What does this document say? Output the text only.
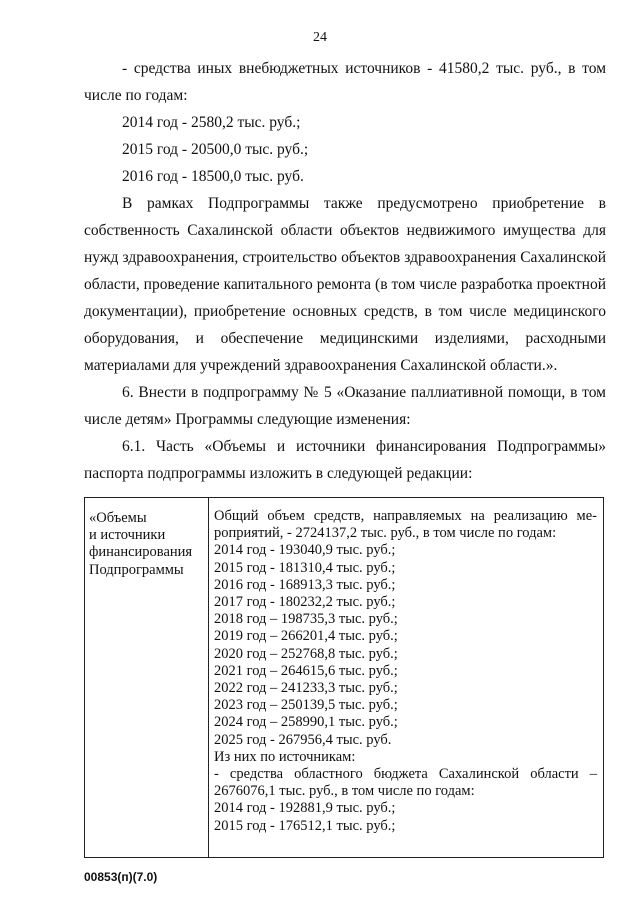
24

- средства иных внебюджетных источников - 41580,2 тыс. руб., в том числе по годам:

2014 год - 2580,2 тыс. руб.;

2015 год - 20500,0 тыс. руб.;

2016 год - 18500,0 тыс. руб.

В рамках Подпрограммы также предусмотрено приобретение в собственность Сахалинской области объектов недвижимого имущества для нужд здравоохранения, строительство объектов здравоохранения Сахалинской области, проведение капитального ремонта (в том числе разработка проектной документации), приобретение основных средств, в том числе медицинского оборудования, и обеспечение медицинскими изделиями, расходными материалами для учреждений здравоохранения Сахалинской области.».

6. Внести в подпрограмму № 5 «Оказание паллиативной помощи, в том числе детям» Программы следующие изменения:

6.1. Часть «Объемы и источники финансирования Подпрограммы» паспорта подпрограммы изложить в следующей редакции:

«Объемы
и источники
финансирования
Подпрограммы
Общий объем средств, направляемых на реализацию ме-
роприятий, - 2724137,2 тыс. руб., в том числе по годам:
2014 год - 193040,9 тыс. руб.;
2015 год - 181310,4 тыс. руб.;
2016 год - 168913,3 тыс. руб.;
2017 год - 180232,2 тыс. руб.;
2018 год – 198735,3 тыс. руб.;
2019 год – 266201,4 тыс. руб.;
2020 год – 252768,8 тыс. руб.;
2021 год – 264615,6 тыс. руб.;
2022 год – 241233,3 тыс. руб.;
2023 год – 250139,5 тыс. руб.;
2024 год – 258990,1 тыс. руб.;
2025 год - 267956,4 тыс. руб.
Из них по источникам:
- средства областного бюджета Сахалинской области –
2676076,1 тыс. руб., в том числе по годам:
2014 год - 192881,9 тыс. руб.;
2015 год - 176512,1 тыс. руб.;
00853(п)(7.0)
